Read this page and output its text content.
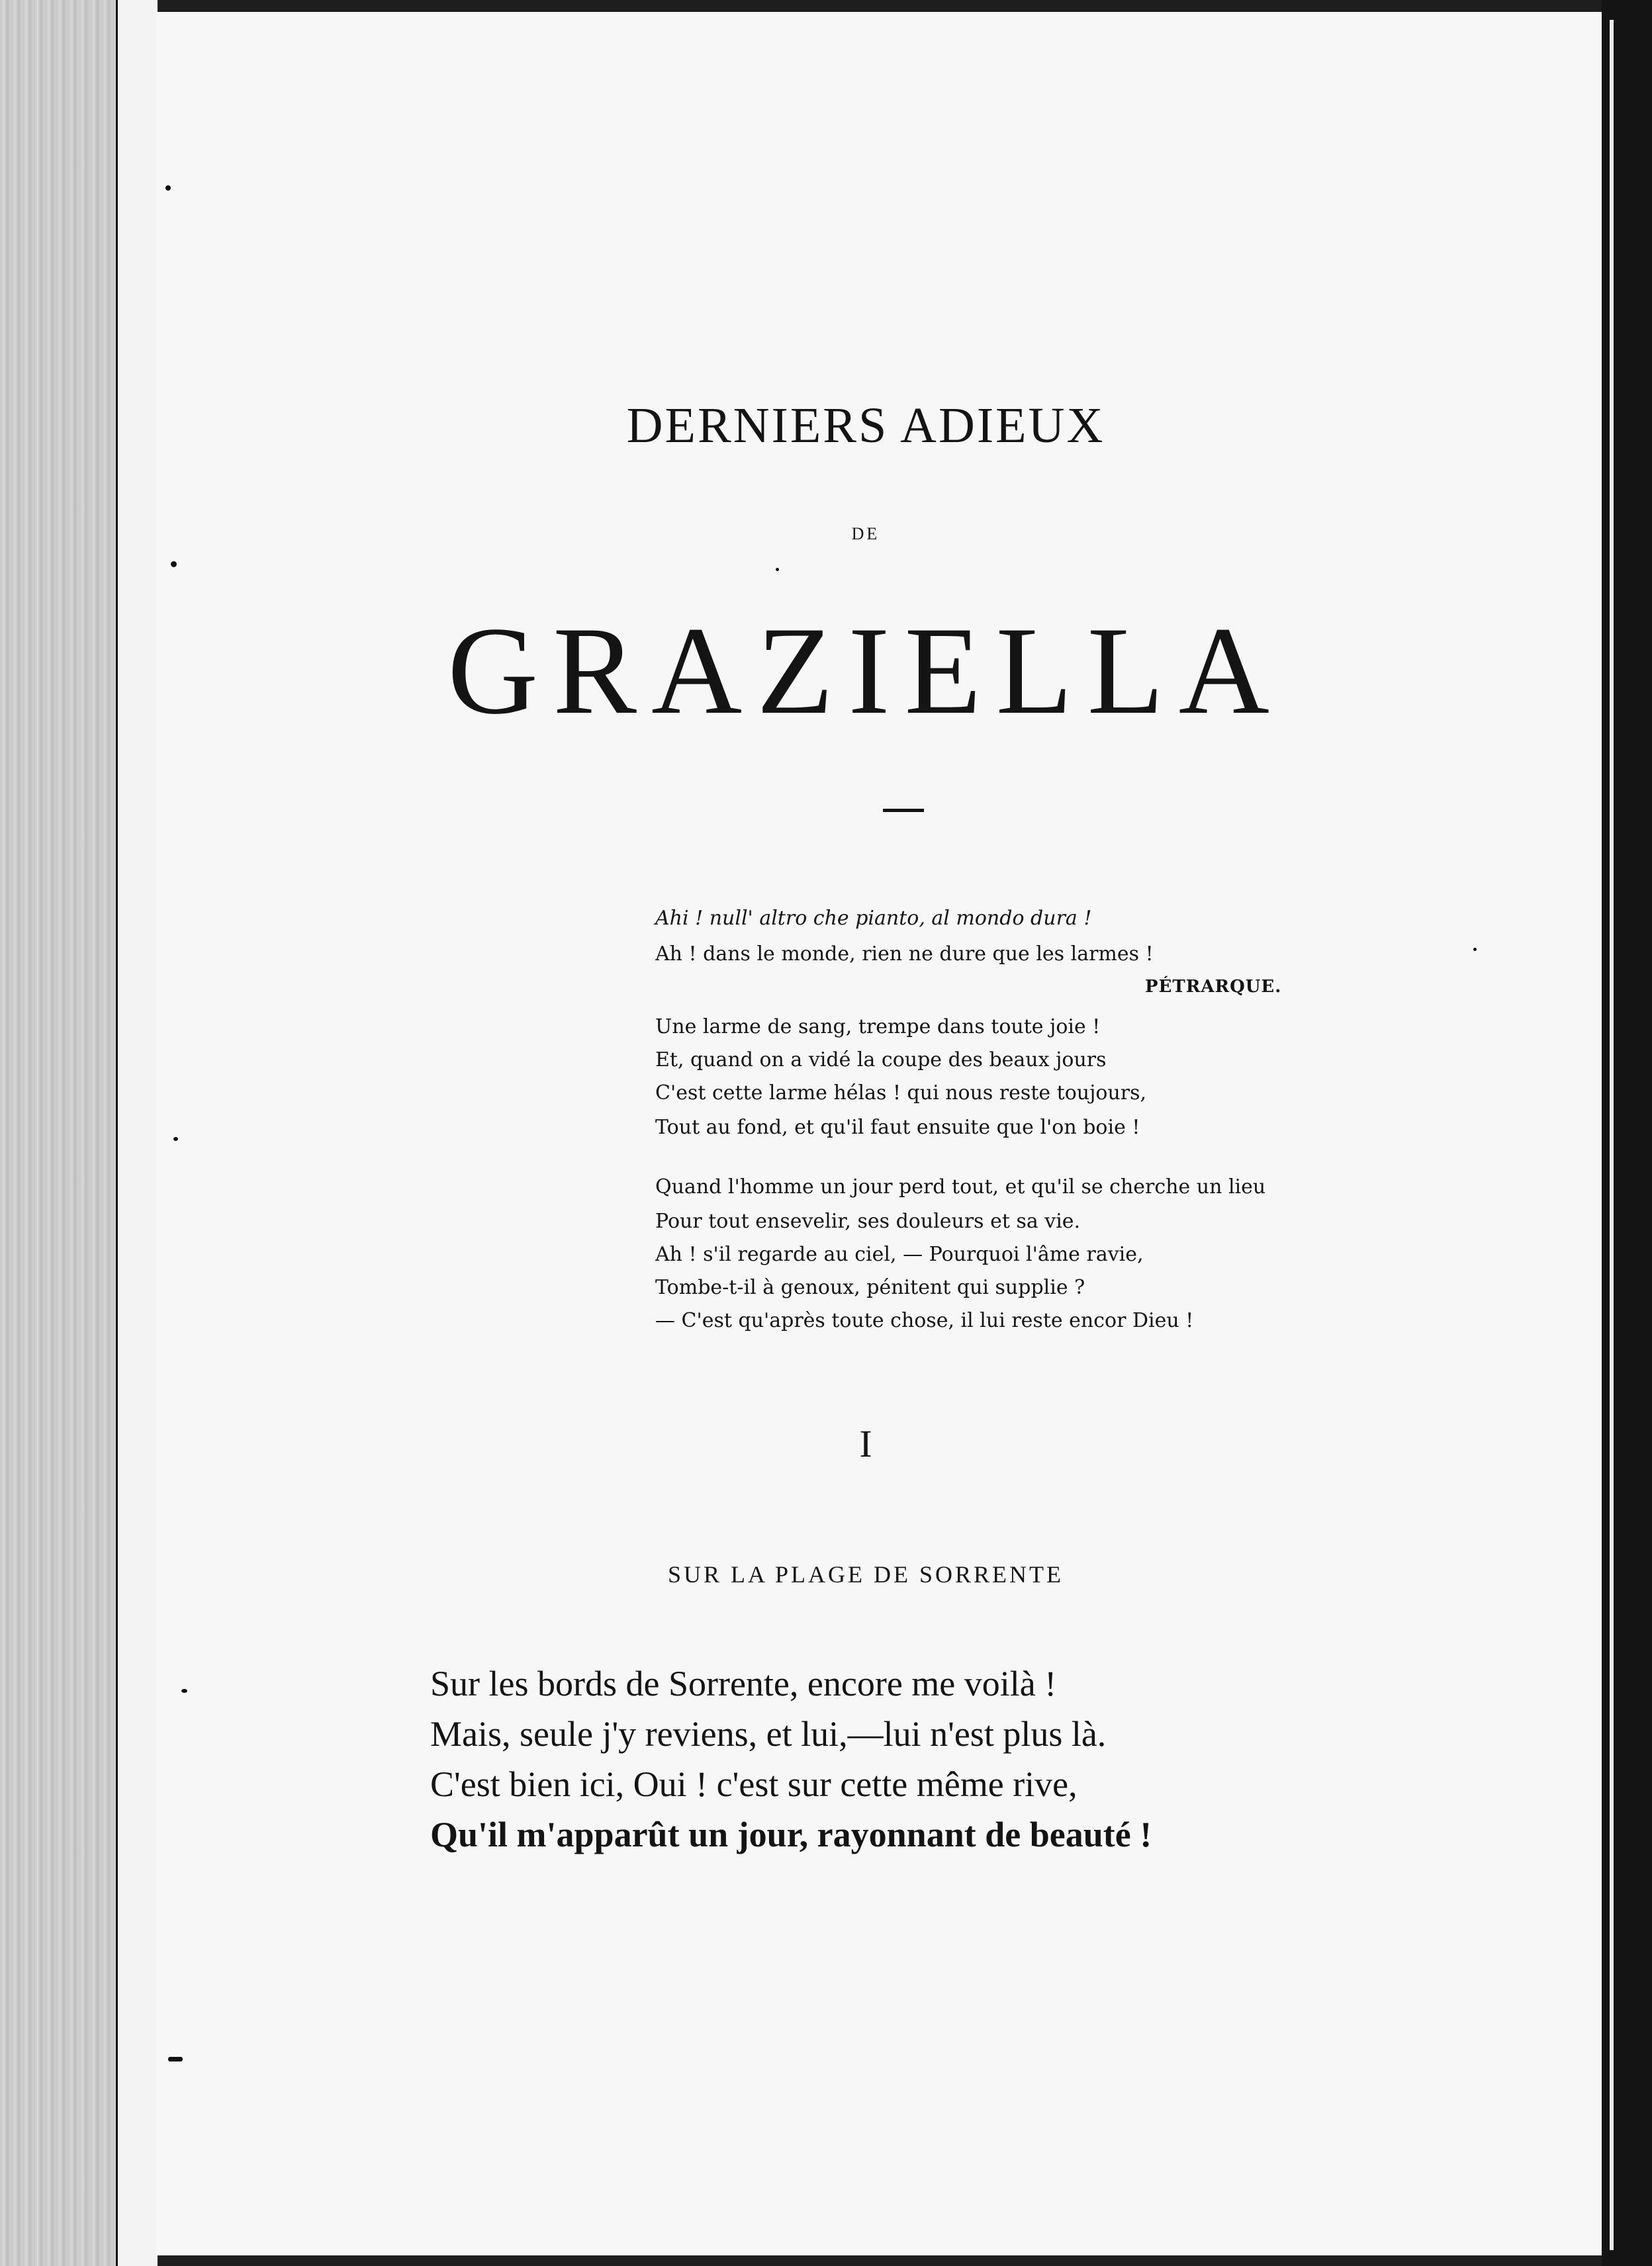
DERNIERS ADIEUX
DE
GRAZIELLA
Ahi ! null' altro che pianto, al mondo dura !
Ah ! dans le monde, rien ne dure que les larmes !
PÉTRARQUE.
Une larme de sang, trempe dans toute joie !
Et, quand on a vidé la coupe des beaux jours
C'est cette larme hélas ! qui nous reste toujours,
Tout au fond, et qu'il faut ensuite que l'on boie !
Quand l'homme un jour perd tout, et qu'il se cherche un lieu
Pour tout ensevelir, ses douleurs et sa vie.
Ah ! s'il regarde au ciel, — Pourquoi l'âme ravie,
Tombe-t-il à genoux, pénitent qui supplie ?
— C'est qu'après toute chose, il lui reste encor Dieu !
I
SUR LA PLAGE DE SORRENTE
Sur les bords de Sorrente, encore me voilà !
Mais, seule j'y reviens, et lui,—lui n'est plus là.
C'est bien ici, Oui ! c'est sur cette même rive,
Qu'il m'apparût un jour, rayonnant de beauté !
